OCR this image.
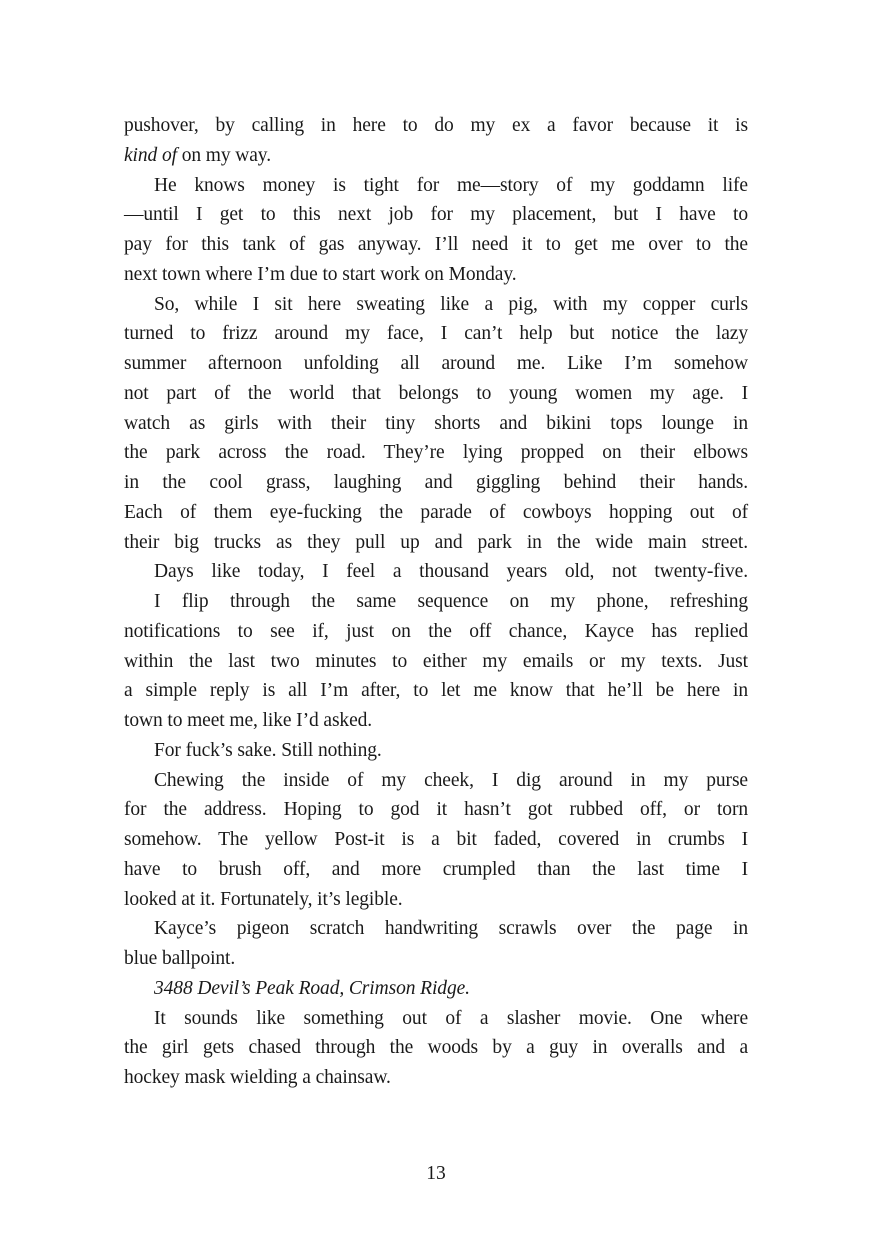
pushover, by calling in here to do my ex a favor because it is
kind of on my way.
He knows money is tight for me—story of my goddamn life
—until I get to this next job for my placement, but I have to
pay for this tank of gas anyway. I’ll need it to get me over to the
next town where I’m due to start work on Monday.
So, while I sit here sweating like a pig, with my copper curls
turned to frizz around my face, I can’t help but notice the lazy
summer afternoon unfolding all around me. Like I’m somehow
not part of the world that belongs to young women my age. I
watch as girls with their tiny shorts and bikini tops lounge in
the park across the road. They’re lying propped on their elbows
in the cool grass, laughing and giggling behind their hands.
Each of them eye-fucking the parade of cowboys hopping out of
their big trucks as they pull up and park in the wide main street.
Days like today, I feel a thousand years old, not twenty-five.
I flip through the same sequence on my phone, refreshing
notifications to see if, just on the off chance, Kayce has replied
within the last two minutes to either my emails or my texts. Just
a simple reply is all I’m after, to let me know that he’ll be here in
town to meet me, like I’d asked.
For fuck’s sake. Still nothing.
Chewing the inside of my cheek, I dig around in my purse
for the address. Hoping to god it hasn’t got rubbed off, or torn
somehow. The yellow Post-it is a bit faded, covered in crumbs I
have to brush off, and more crumpled than the last time I
looked at it. Fortunately, it’s legible.
Kayce’s pigeon scratch handwriting scrawls over the page in
blue ballpoint.
3488 Devil’s Peak Road, Crimson Ridge.
It sounds like something out of a slasher movie. One where
the girl gets chased through the woods by a guy in overalls and a
hockey mask wielding a chainsaw.
13
